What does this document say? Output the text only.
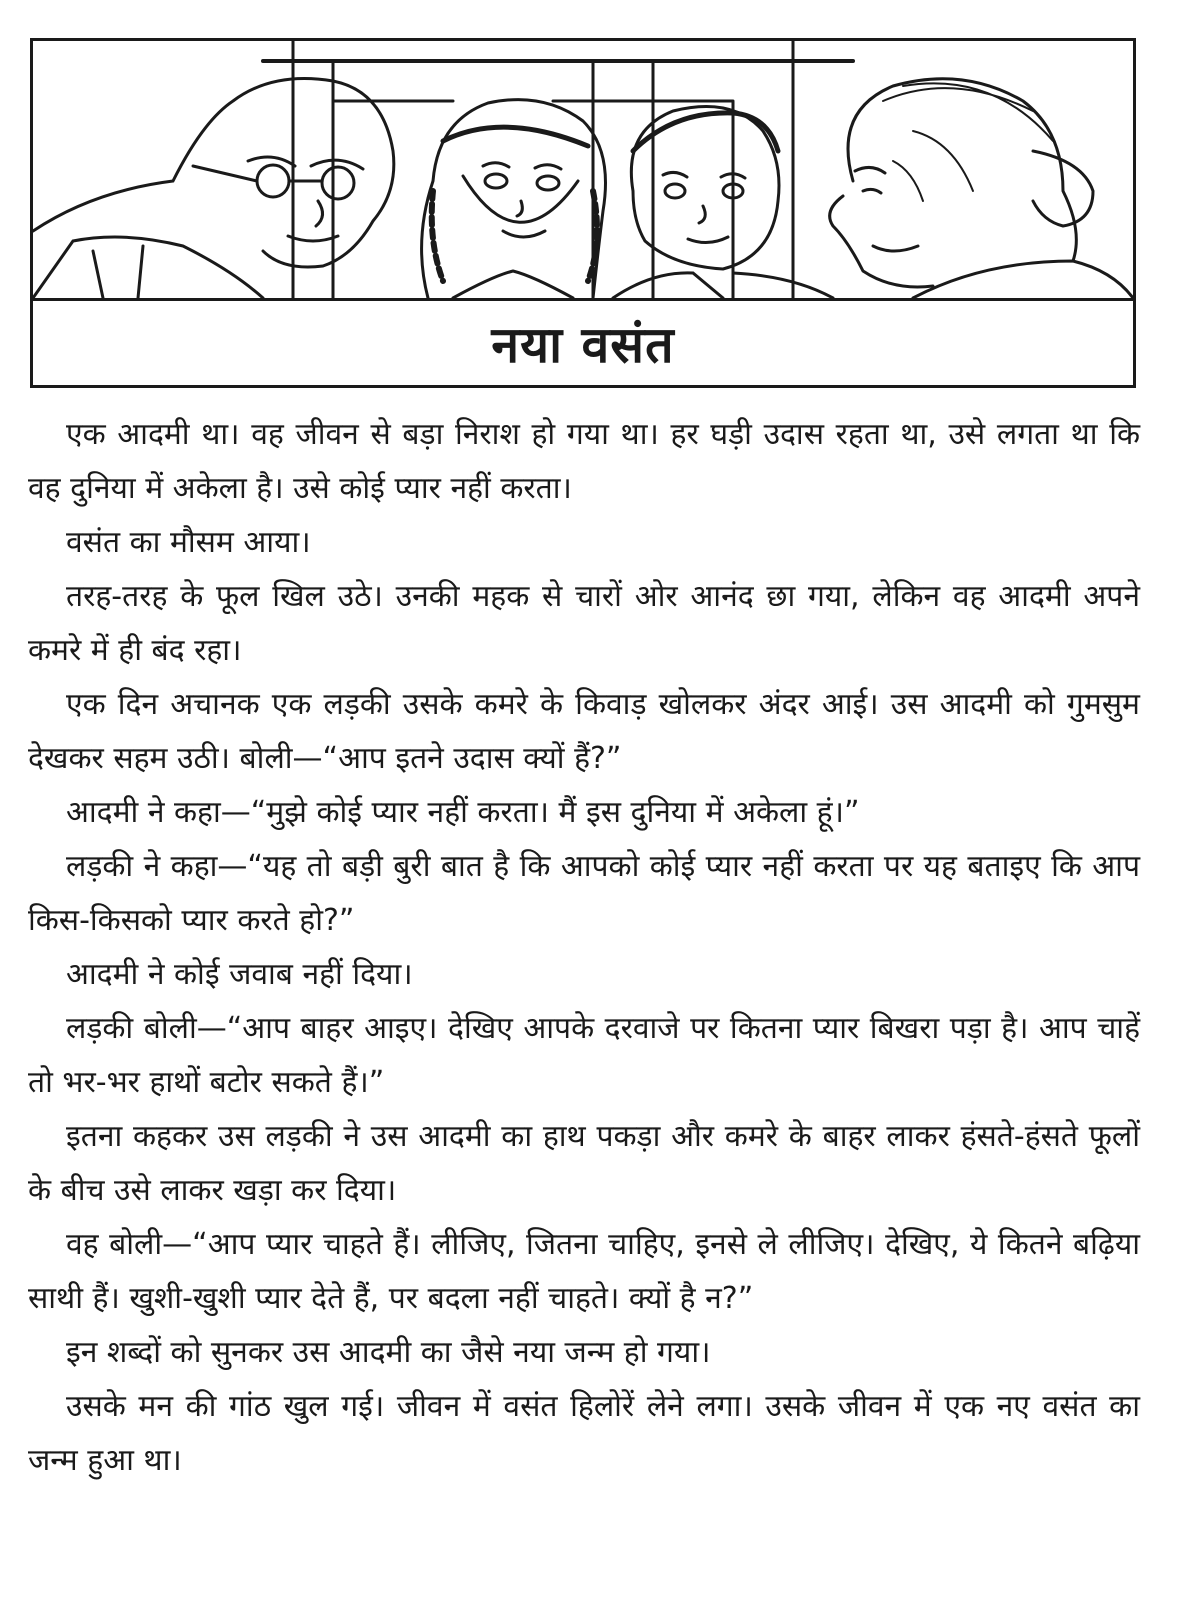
नया वसंत

एक आदमी था। वह जीवन से बड़ा निराश हो गया था। हर घड़ी उदास रहता था, उसे लगता था कि वह दुनिया में अकेला है। उसे कोई प्यार नहीं करता।

वसंत का मौसम आया।

तरह-तरह के फूल खिल उठे। उनकी महक से चारों ओर आनंद छा गया, लेकिन वह आदमी अपने कमरे में ही बंद रहा।

एक दिन अचानक एक लड़की उसके कमरे के किवाड़ खोलकर अंदर आई। उस आदमी को गुमसुम देखकर सहम उठी। बोली—“आप इतने उदास क्यों हैं?”

आदमी ने कहा—“मुझे कोई प्यार नहीं करता। मैं इस दुनिया में अकेला हूं।”

लड़की ने कहा—“यह तो बड़ी बुरी बात है कि आपको कोई प्यार नहीं करता पर यह बताइए कि आप किस-किसको प्यार करते हो?”

आदमी ने कोई जवाब नहीं दिया।

लड़की बोली—“आप बाहर आइए। देखिए आपके दरवाजे पर कितना प्यार बिखरा पड़ा है। आप चाहें तो भर-भर हाथों बटोर सकते हैं।”

इतना कहकर उस लड़की ने उस आदमी का हाथ पकड़ा और कमरे के बाहर लाकर हंसते-हंसते फूलों के बीच उसे लाकर खड़ा कर दिया।

वह बोली—“आप प्यार चाहते हैं। लीजिए, जितना चाहिए, इनसे ले लीजिए। देखिए, ये कितने बढ़िया साथी हैं। खुशी-खुशी प्यार देते हैं, पर बदला नहीं चाहते। क्यों है न?”

इन शब्दों को सुनकर उस आदमी का जैसे नया जन्म हो गया।

उसके मन की गांठ खुल गई। जीवन में वसंत हिलोरें लेने लगा। उसके जीवन में एक नए वसंत का जन्म हुआ था।
